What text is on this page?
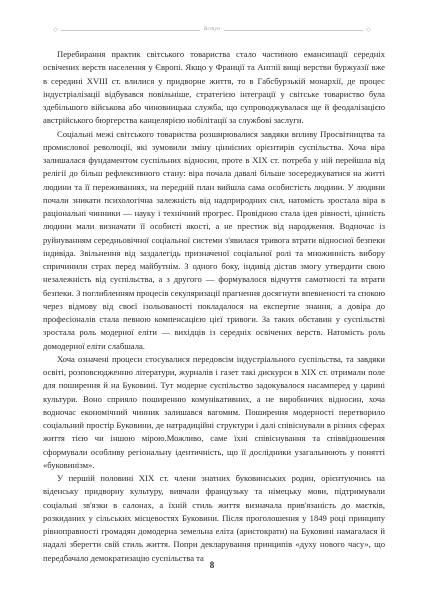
◇	Вступ	◇

Перебирання практик світського товариства стало частиною емансипації середніх освічених верств населення у Європі. Якщо у Франції та Англії вищі верстви буржуазії вже в середині XVIII ст. влилися у придворне життя, то в Габсбурзькій монархії, де процес індустріалізації відбувався повільніше, стратегією інтеграції у світське товариство була здебільшого військова або чиновницька служба, що супроводжувалася ще й феодалізацією австрійського бюргерства канцелярією нобілітації за службові заслуги.

Соціальні межі світського товариства розширювалися завдяки впливу Просвітництва та промислової революції, які зумовили зміну ціннісних орієнтирів суспільства. Хоча віра залишалася фундаментом суспільних відносин, проте в XIX ст. потреба у ній перейшла від релігії до більш рефлексивного стану: віра почала давалі більше зосереджуватися на житті людини та її переживаннях, на передній план вийшла сама особистість людини. У людини почали зникати психологічна залежність від надприродних сил, натомість зростала віра в раціональні чинники — науку і технічний прогрес. Провідною стала ідея рівності, цінність людини мали визначати її особисті якості, а не престиж від народження. Водночас із руйнуванням середньовічної соціальної системи з'явилася тривога втрати відносної безпеки індивіда. Звільнення від заздалегідь призначеної соціальної ролі та множинність вибору спричинили страх перед майбутнім. З одного боку, індивід дістав змогу утвердити свою незалежність від суспільства, а з другого — формувалося відчуття самотності та втрати безпеки. З поглибленням процесів секуляризації прагнення досягнути впевненості та спокою через відмову від своєї ізольованості покладалося на експертне знання, а довіра до професіоналів стала певною компенсацією цієї тривоги. За таких обставин у суспільстві зростала роль модерної еліти — вихідців із середніх освічених верств. Натомість роль домодерної еліти слабшала.

Хоча означені процеси стосувалися передовсім індустріального суспільства, та завдяки освіті, розповсюдженню літератури, журналів і газет такі дискурси в XIX ст. отримали поле для поширення й на Буковині. Тут модерне суспільство задокувалося насамперед у царині культури. Воно сприяло поширенню комунікативних, а не виробничих відносин, хоча водночас економічний чинник залишався вагомим. Поширення модерності перетворило соціальний простір Буковини, де натрадиційні структури і далі співіснували в різних сферах життя тією чи іншою мірою.Можливо, саме їхні співіснування та співвідношення сформували особливу регіональну ідентичність, що її дослідники узагальнюють у понятті «буковинізм».

У першій половині XIX ст. члени знатних буковинських родин, орієнтуючись на віденську придворну культуру, вивчали французьку та німецьку мови, підтримували соціальні зв'язки в салонах, а їхній стиль життя визначала прив'язаність до маєтків, розкиданих у сільських місцевостях Буковини. Після проголошення у 1849 році принципу рівноправності громадян домодерна земельна еліта (аристократи) на Буковині намагалася й надалі зберегти свій стиль життя. Попри декларування принципів «духу нового часу», що передбачало демократизацію суспільства та

8
